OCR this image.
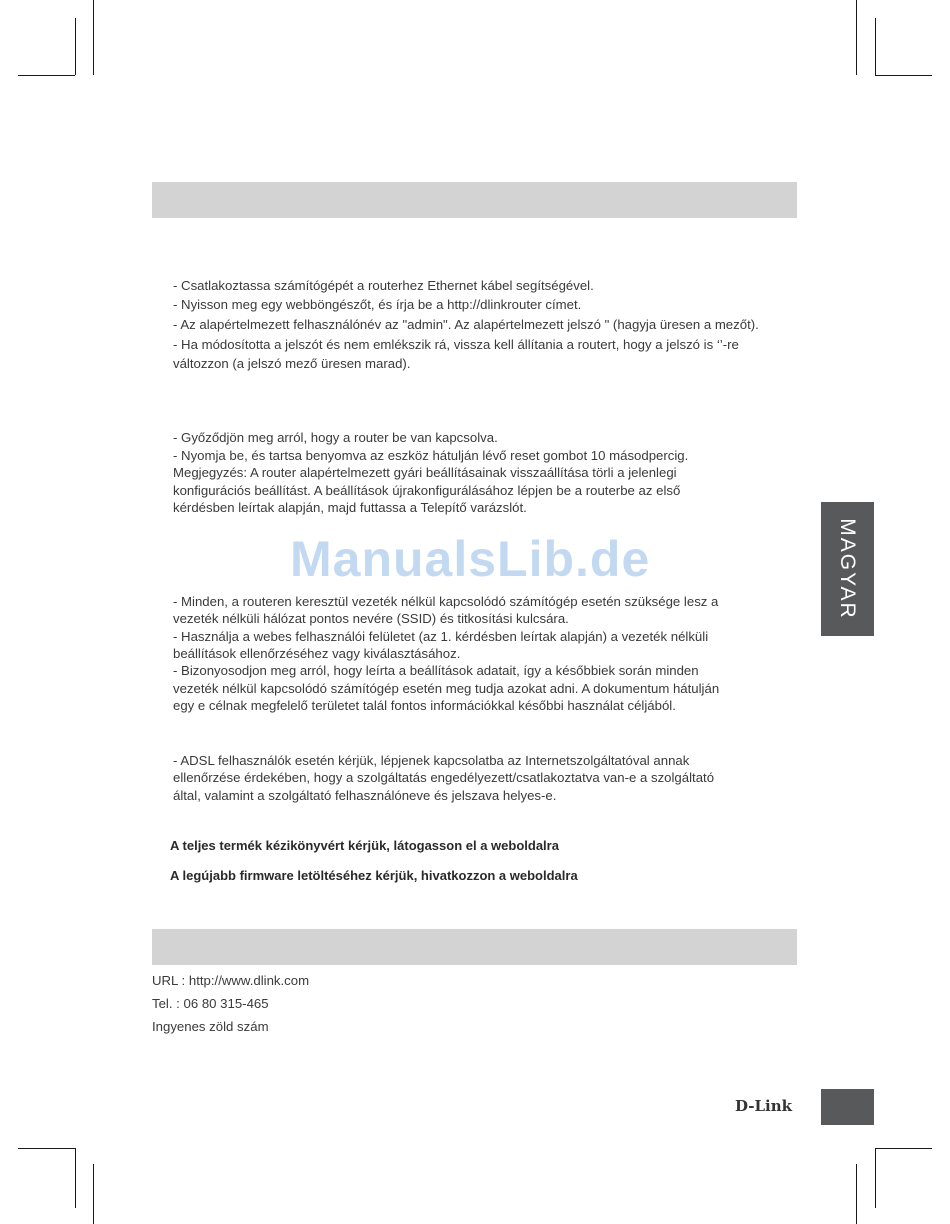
- Csatlakoztassa számítógépét a routerhez Ethernet kábel segítségével.
- Nyisson meg egy webböngészőt, és írja be a http://dlinkrouter címet.
- Az alapértelmezett felhasználónév az "admin". Az alapértelmezett jelszó " (hagyja üresen a mezőt).
- Ha módosította a jelszót és nem emlékszik rá, vissza kell állítania a routert, hogy a jelszó is ‘’-re
változzon (a jelszó mező üresen marad).
- Győződjön meg arról, hogy a router be van kapcsolva.
- Nyomja be, és tartsa benyomva az eszköz hátulján lévő reset gombot 10 másodpercig.
Megjegyzés: A router alapértelmezett gyári beállításainak visszaállítása törli a jelenlegi
konfigurációs beállítást. A beállítások újrakonfigurálásához lépjen be a routerbe az első
kérdésben leírtak alapján, majd futtassa a Telepítő varázslót.
ManualsLib.de
- Minden, a routeren keresztül vezeték nélkül kapcsolódó számítógép esetén szüksége lesz a
vezeték nélküli hálózat pontos nevére (SSID) és titkosítási kulcsára.
- Használja a webes felhasználói felületet (az 1. kérdésben leírtak alapján) a vezeték nélküli
beállítások ellenőrzéséhez vagy kiválasztásához.
- Bizonyosodjon meg arról, hogy leírta a beállítások adatait, így a későbbiek során minden
vezeték nélkül kapcsolódó számítógép esetén meg tudja azokat adni. A dokumentum hátulján
egy e célnak megfelelő területet talál fontos információkkal későbbi használat céljából.
- ADSL felhasználók esetén kérjük, lépjenek kapcsolatba az Internetszolgáltatóval annak
ellenőrzése érdekében, hogy a szolgáltatás engedélyezett/csatlakoztatva van-e a szolgáltató
által, valamint a szolgáltató felhasználóneve és jelszava helyes-e.
A teljes termék kézikönyvért kérjük, látogasson el a weboldalra
A legújabb firmware letöltéséhez kérjük, hivatkozzon a weboldalra
URL : http://www.dlink.com
Tel. : 06 80 315-465
Ingyenes zöld szám
MAGYAR
D-Link
